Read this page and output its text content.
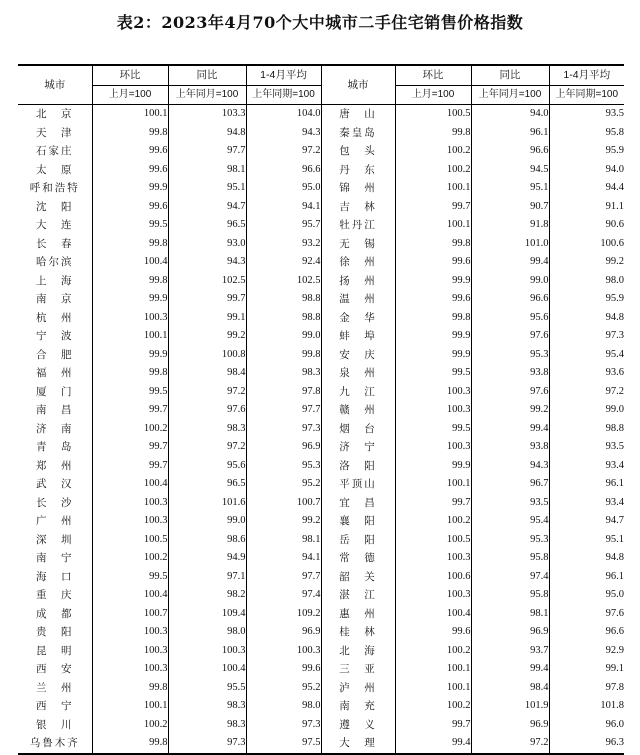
表2：2023年4月70个大中城市二手住宅销售价格指数
城市	环比	同比	1-4月平均	城市	环比	同比	1-4月平均
	上月=100	上年同月=100	上年同期=100		上月=100	上年同月=100	上年同期=100
北　京	100.1	103.3	104.0	唐　山	100.5	94.0	93.5
天　津	99.8	94.8	94.3	秦皇岛	99.8	96.1	95.8
石家庄	99.6	97.7	97.2	包　头	100.2	96.6	95.9
太　原	99.6	98.1	96.6	丹　东	100.2	94.5	94.0
呼和浩特	99.9	95.1	95.0	锦　州	100.1	95.1	94.4
沈　阳	99.6	94.7	94.1	吉　林	99.7	90.7	91.1
大　连	99.5	96.5	95.7	牡丹江	100.1	91.8	90.6
长　春	99.8	93.0	93.2	无　锡	99.8	101.0	100.6
哈尔滨	100.4	94.3	92.4	徐　州	99.6	99.4	99.2
上　海	99.8	102.5	102.5	扬　州	99.9	99.0	98.0
南　京	99.9	99.7	98.8	温　州	99.6	96.6	95.9
杭　州	100.3	99.1	98.8	金　华	99.8	95.6	94.8
宁　波	100.1	99.2	99.0	蚌　埠	99.9	97.6	97.3
合　肥	99.9	100.8	99.8	安　庆	99.9	95.3	95.4
福　州	99.8	98.4	98.3	泉　州	99.5	93.8	93.6
厦　门	99.5	97.2	97.8	九　江	100.3	97.6	97.2
南　昌	99.7	97.6	97.7	赣　州	100.3	99.2	99.0
济　南	100.2	98.3	97.3	烟　台	99.5	99.4	98.8
青　岛	99.7	97.2	96.9	济　宁	100.3	93.8	93.5
郑　州	99.7	95.6	95.3	洛　阳	99.9	94.3	93.4
武　汉	100.4	96.5	95.2	平顶山	100.1	96.7	96.1
长　沙	100.3	101.6	100.7	宜　昌	99.7	93.5	93.4
广　州	100.3	99.0	99.2	襄　阳	100.2	95.4	94.7
深　圳	100.5	98.6	98.1	岳　阳	100.5	95.3	95.1
南　宁	100.2	94.9	94.1	常　德	100.3	95.8	94.8
海　口	99.5	97.1	97.7	韶　关	100.6	97.4	96.1
重　庆	100.4	98.2	97.4	湛　江	100.3	95.8	95.0
成　都	100.7	109.4	109.2	惠　州	100.4	98.1	97.6
贵　阳	100.3	98.0	96.9	桂　林	99.6	96.9	96.6
昆　明	100.3	100.3	100.3	北　海	100.2	93.7	92.9
西　安	100.3	100.4	99.6	三　亚	100.1	99.4	99.1
兰　州	99.8	95.5	95.2	泸　州	100.1	98.4	97.8
西　宁	100.1	98.3	98.0	南　充	100.2	101.9	101.8
银　川	100.2	98.3	97.3	遵　义	99.7	96.9	96.0
乌鲁木齐	99.8	97.3	97.5	大　理	99.4	97.2	96.3
